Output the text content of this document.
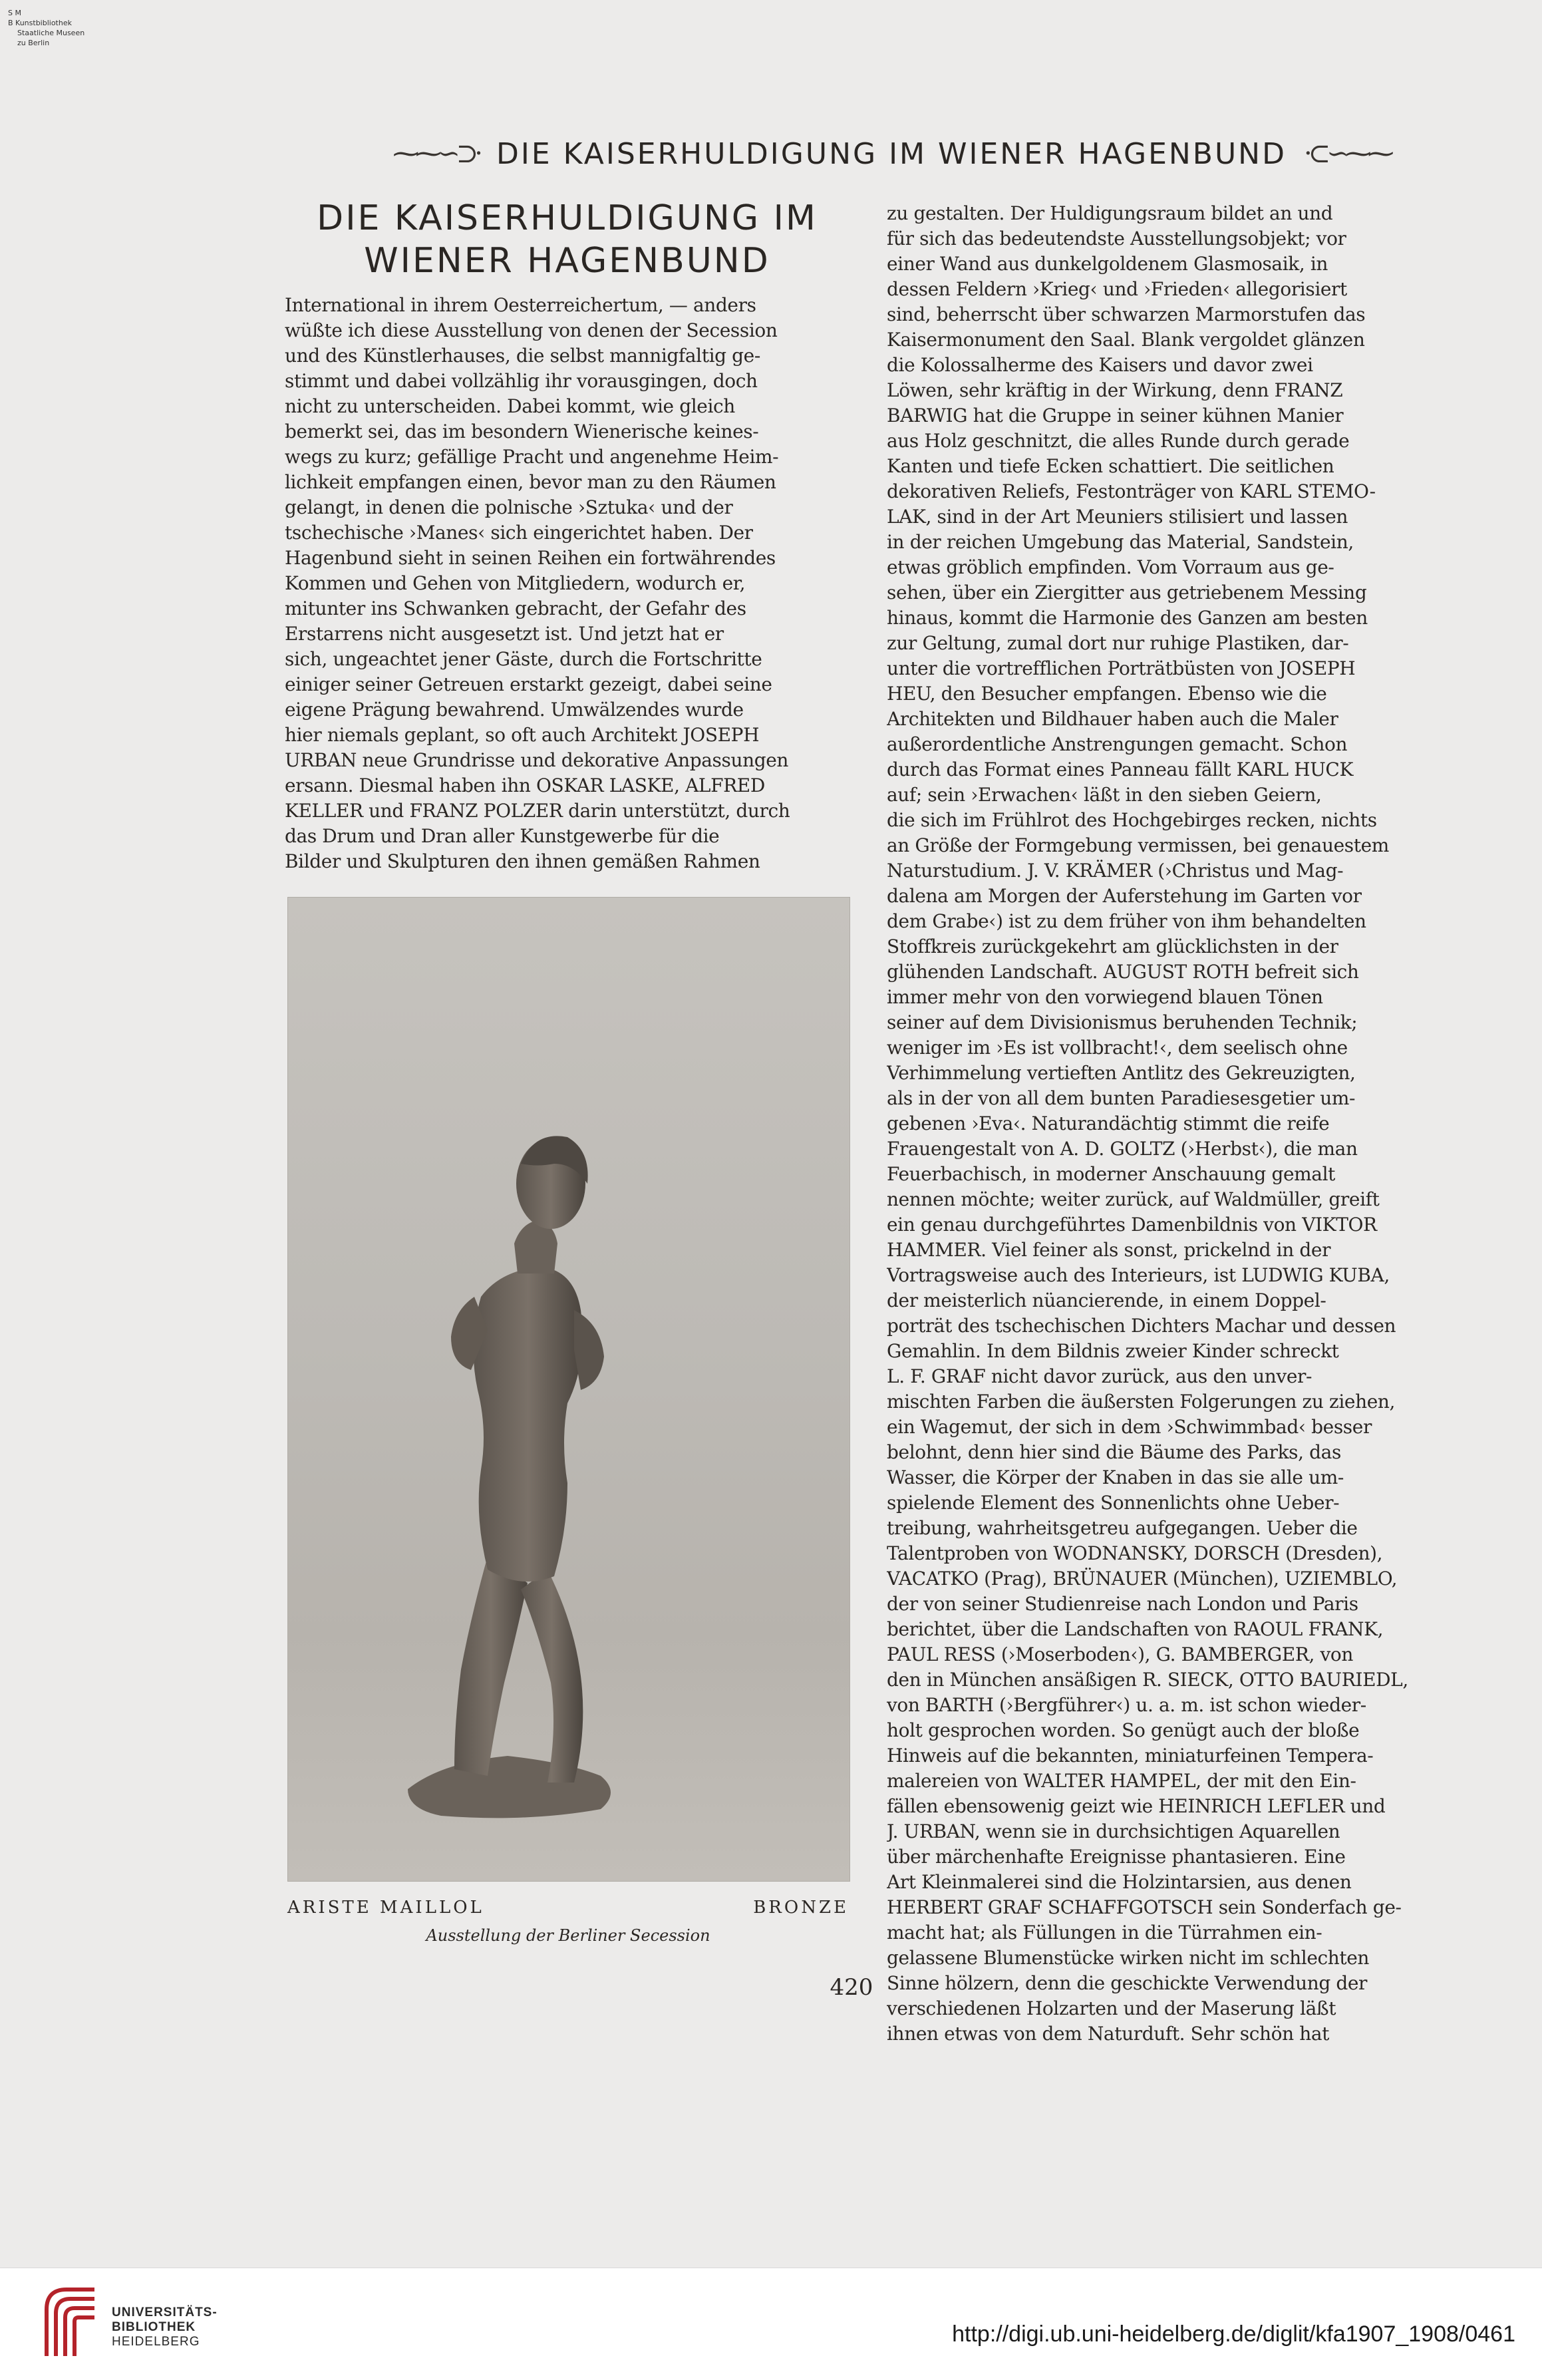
S M
B Kunstbibliothek
Staatliche Museen
zu Berlin
⁓⁓∽⊃· DIE KAISERHULDIGUNG IM WIENER HAGENBUND ·⊂∽⁓⁓
DIE KAISERHULDIGUNG IM
WIENER HAGENBUND
Ⅰnternational in ihrem Oesterreichertum, — anders
wüßte ich diese Ausstellung von denen der Secession
und des Künstlerhauses, die selbst mannigfaltig ge-
stimmt und dabei vollzählig ihr vorausgingen, doch
nicht zu unterscheiden. Dabei kommt, wie gleich
bemerkt sei, das im besondern Wienerische keines-
wegs zu kurz; gefällige Pracht und angenehme Heim-
lichkeit empfangen einen, bevor man zu den Räumen
gelangt, in denen die polnische ›Sztuka‹ und der
tschechische ›Manes‹ sich eingerichtet haben. Der
Hagenbund sieht in seinen Reihen ein fortwährendes
Kommen und Gehen von Mitgliedern, wodurch er,
mitunter ins Schwanken gebracht, der Gefahr des
Erstarrens nicht ausgesetzt ist. Und jetzt hat er
sich, ungeachtet jener Gäste, durch die Fortschritte
einiger seiner Getreuen erstarkt gezeigt, dabei seine
eigene Prägung bewahrend. Umwälzendes wurde
hier niemals geplant, so oft auch Architekt JOSEPH
URBAN neue Grundrisse und dekorative Anpassungen
ersann. Diesmal haben ihn OSKAR LASKE, ALFRED
KELLER und FRANZ POLZER darin unterstützt, durch
das Drum und Dran aller Kunstgewerbe für die
Bilder und Skulpturen den ihnen gemäßen Rahmen
zu gestalten. Der Huldigungsraum bildet an und
für sich das bedeutendste Ausstellungsobjekt; vor
einer Wand aus dunkelgoldenem Glasmosaik, in
dessen Feldern ›Krieg‹ und ›Frieden‹ allegorisiert
sind, beherrscht über schwarzen Marmorstufen das
Kaisermonument den Saal. Blank vergoldet glänzen
die Kolossalherme des Kaisers und davor zwei
Löwen, sehr kräftig in der Wirkung, denn FRANZ
BARWIG hat die Gruppe in seiner kühnen Manier
aus Holz geschnitzt, die alles Runde durch gerade
Kanten und tiefe Ecken schattiert. Die seitlichen
dekorativen Reliefs, Festonträger von KARL STEMO-
LAK, sind in der Art Meuniers stilisiert und lassen
in der reichen Umgebung das Material, Sandstein,
etwas gröblich empfinden. Vom Vorraum aus ge-
sehen, über ein Ziergitter aus getriebenem Messing
hinaus, kommt die Harmonie des Ganzen am besten
zur Geltung, zumal dort nur ruhige Plastiken, dar-
unter die vortrefflichen Porträtbüsten von JOSEPH
HEU, den Besucher empfangen. Ebenso wie die
Architekten und Bildhauer haben auch die Maler
außerordentliche Anstrengungen gemacht. Schon
durch das Format eines Panneau fällt KARL HUCK
auf; sein ›Erwachen‹ läßt in den sieben Geiern,
die sich im Frühlrot des Hochgebirges recken, nichts
an Größe der Formgebung vermissen, bei genauestem
Naturstudium. J. V. KRÄMER (›Christus und Mag-
dalena am Morgen der Auferstehung im Garten vor
dem Grabe‹) ist zu dem früher von ihm behandelten
Stoffkreis zurückgekehrt am glücklichsten in der
glühenden Landschaft. AUGUST ROTH befreit sich
immer mehr von den vorwiegend blauen Tönen
seiner auf dem Divisionismus beruhenden Technik;
weniger im ›Es ist vollbracht!‹, dem seelisch ohne
Verhimmelung vertieften Antlitz des Gekreuzigten,
als in der von all dem bunten Paradiesesgetier um-
gebenen ›Eva‹. Naturandächtig stimmt die reife
Frauengestalt von A. D. GOLTZ (›Herbst‹), die man
Feuerbachisch, in moderner Anschauung gemalt
nennen möchte; weiter zurück, auf Waldmüller, greift
ein genau durchgeführtes Damenbildnis von VIKTOR
HAMMER. Viel feiner als sonst, prickelnd in der
Vortragsweise auch des Interieurs, ist LUDWIG KUBA,
der meisterlich nüancierende, in einem Doppel-
porträt des tschechischen Dichters Machar und dessen
Gemahlin. In dem Bildnis zweier Kinder schreckt
L. F. GRAF nicht davor zurück, aus den unver-
mischten Farben die äußersten Folgerungen zu ziehen,
ein Wagemut, der sich in dem ›Schwimmbad‹ besser
belohnt, denn hier sind die Bäume des Parks, das
Wasser, die Körper der Knaben in das sie alle um-
spielende Element des Sonnenlichts ohne Ueber-
treibung, wahrheitsgetreu aufgegangen. Ueber die
Talentproben von WODNANSKY, DORSCH (Dresden),
VACATKO (Prag), BRÜNAUER (München), UZIEMBLO,
der von seiner Studienreise nach London und Paris
berichtet, über die Landschaften von RAOUL FRANK,
PAUL RESS (›Moserboden‹), G. BAMBERGER, von
den in München ansäßigen R. SIECK, OTTO BAURIEDL,
von BARTH (›Bergführer‹) u. a. m. ist schon wieder-
holt gesprochen worden. So genügt auch der bloße
Hinweis auf die bekannten, miniaturfeinen Tempera-
malereien von WALTER HAMPEL, der mit den Ein-
fällen ebensowenig geizt wie HEINRICH LEFLER und
J. URBAN, wenn sie in durchsichtigen Aquarellen
über märchenhafte Ereignisse phantasieren. Eine
Art Kleinmalerei sind die Holzintarsien, aus denen
HERBERT GRAF SCHAFFGOTSCH sein Sonderfach ge-
macht hat; als Füllungen in die Türrahmen ein-
gelassene Blumenstücke wirken nicht im schlechten
Sinne hölzern, denn die geschickte Verwendung der
verschiedenen Holzarten und der Maserung läßt
ihnen etwas von dem Naturduft. Sehr schön hat
ARISTE MAILLOL	BRONZE
Ausstellung der Berliner Secession
420
UNIVERSITÄTS-
BIBLIOTHEK
HEIDELBERG	http://digi.ub.uni-heidelberg.de/diglit/kfa1907_1908/0461
